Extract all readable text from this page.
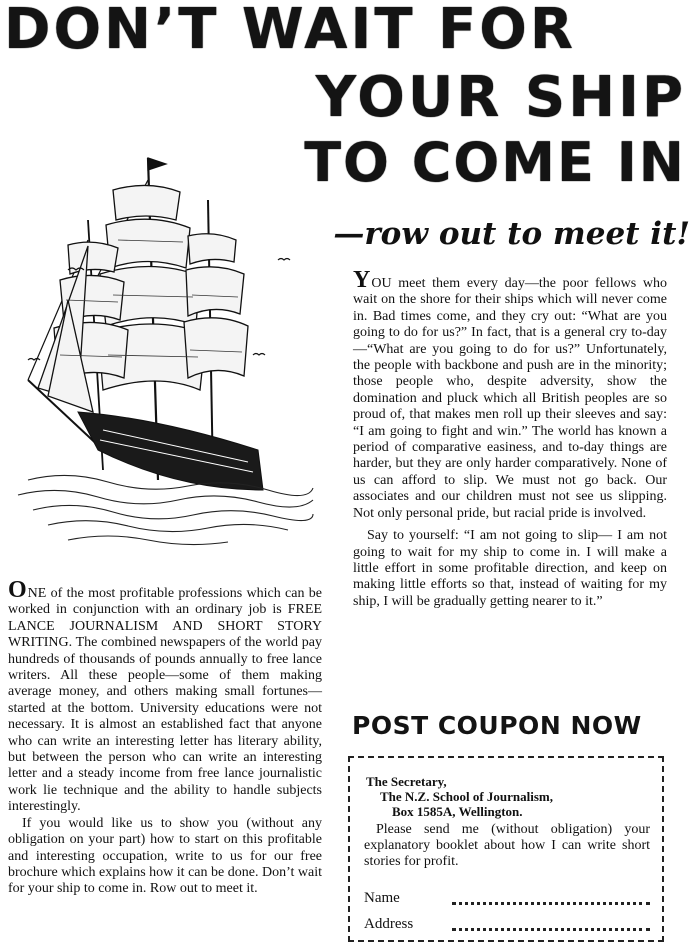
DON’T WAIT FOR
YOUR SHIP
TO COME IN
—row out to meet it!

YOU meet them every day—the poor fellows who wait on the shore for their ships which will never come in. Bad times come, and they cry out: “What are you going to do for us?” In fact, that is a general cry to-day—“What are you going to do for us?” Unfortunately, the people with backbone and push are in the minority; those people who, despite adversity, show the domination and pluck which all British peoples are so proud of, that makes men roll up their sleeves and say: “I am going to fight and win.” The world has known a period of comparative easiness, and to-day things are harder, but they are only harder comparatively. None of us can afford to slip. We must not go back. Our associates and our children must not see us slipping. Not only personal pride, but racial pride is involved.

Say to yourself: “I am not going to slip— I am not going to wait for my ship to come in. I will make a little effort in some profitable direction, and keep on making little efforts so that, instead of waiting for my ship, I will be gradually getting nearer to it.”

ONE of the most profitable professions which can be worked in conjunction with an ordinary job is FREE LANCE JOURNALISM AND SHORT STORY WRITING. The combined newspapers of the world pay hundreds of thousands of pounds annually to free lance writers. All these people—some of them making average money, and others making small fortunes—started at the bottom. University educations were not necessary. It is almost an established fact that anyone who can write an interesting letter has literary ability, but between the person who can write an interesting letter and a steady income from free lance journalistic work lie technique and the ability to handle subjects interestingly.

If you would like us to show you (without any obligation on your part) how to start on this profitable and interesting occupation, write to us for our free brochure which explains how it can be done. Don’t wait for your ship to come in. Row out to meet it.

POST COUPON NOW
The Secretary,
The N.Z. School of Journalism,
Box 1585A, Wellington.
Please send me (without obligation) your explanatory booklet about how I can write short stories for profit.
Name
Address
